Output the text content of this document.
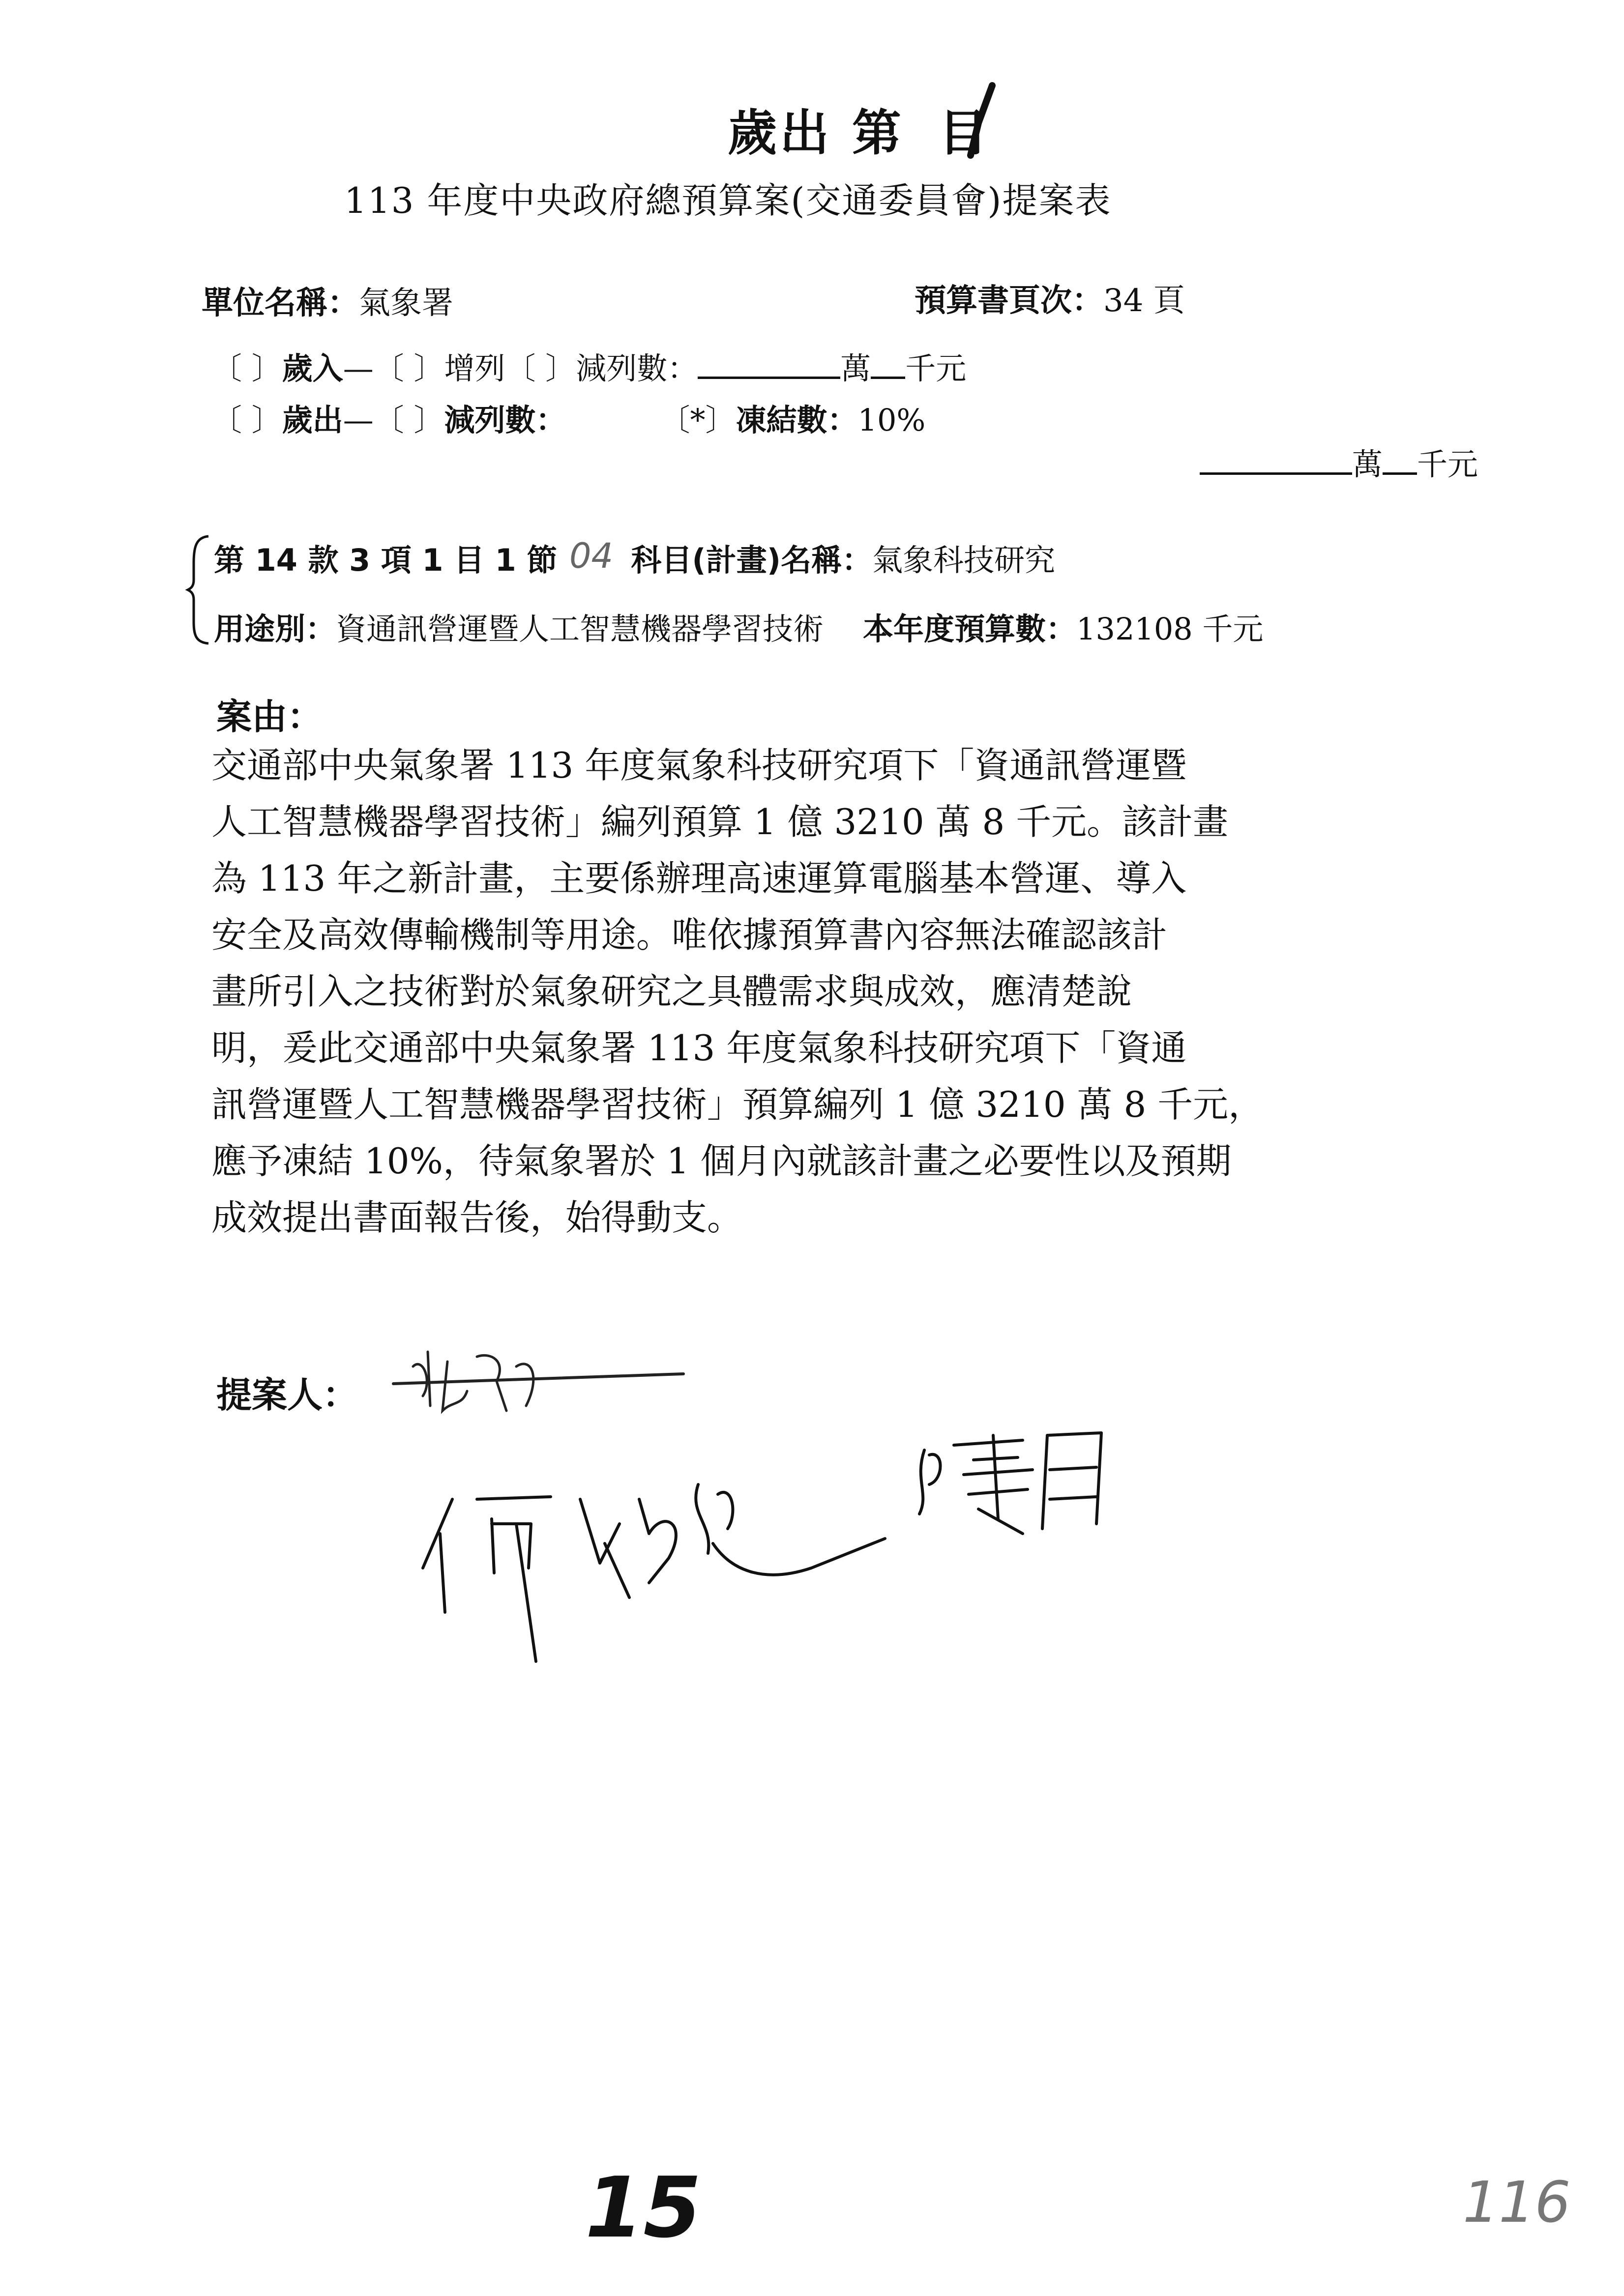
歲出 第 目
113 年度中央政府總預算案(交通委員會)提案表
單位名稱：氣象署	預算書頁次：34 頁
〔 〕歲入—〔 〕增列〔 〕減列數：	萬 千元
〔 〕歲出—〔 〕減列數：	〔*〕凍結數：10%
萬 千元
第 14 款 3 項 1 目 1 節 科目(計畫)名稱：氣象科技研究
04
用途別：資通訊營運暨人工智慧機器學習技術 本年度預算數：132108 千元
案由：
交通部中央氣象署 113 年度氣象科技研究項下「資通訊營運暨
人工智慧機器學習技術」編列預算 1 億 3210 萬 8 千元。該計畫
為 113 年之新計畫，主要係辦理高速運算電腦基本營運、導入
安全及高效傳輸機制等用途。唯依據預算書內容無法確認該計
畫所引入之技術對於氣象研究之具體需求與成效，應清楚說
明，爰此交通部中央氣象署 113 年度氣象科技研究項下「資通
訊營運暨人工智慧機器學習技術」預算編列 1 億 3210 萬 8 千元，
應予凍結 10%，待氣象署於 1 個月內就該計畫之必要性以及預期
成效提出書面報告後，始得動支。
提案人：
15	116
